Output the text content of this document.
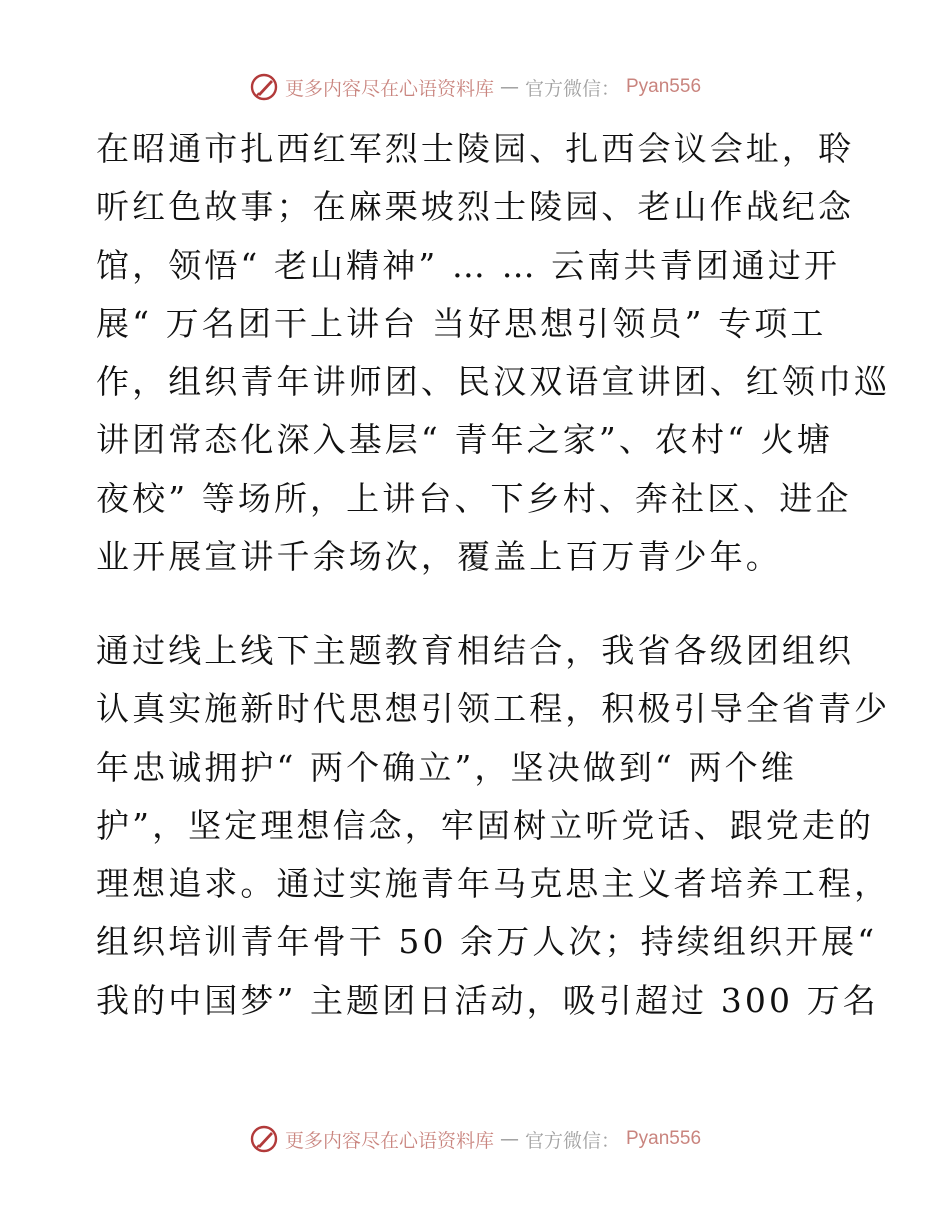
更多内容尽在心语资料库 — 官方微信： Pyan556
在昭通市扎西红军烈士陵园、扎西会议会址，聆
听红色故事；在麻栗坡烈士陵园、老山作战纪念
馆，领悟“ 老山精神” … … 云南共青团通过开
展“ 万名团干上讲台 当好思想引领员” 专项工
作，组织青年讲师团、民汉双语宣讲团、红领巾巡
讲团常态化深入基层“ 青年之家”、农村“ 火塘
夜校” 等场所，上讲台、下乡村、奔社区、进企
业开展宣讲千余场次，覆盖上百万青少年。
通过线上线下主题教育相结合，我省各级团组织
认真实施新时代思想引领工程，积极引导全省青少
年忠诚拥护“ 两个确立”，坚决做到“ 两个维
护”，坚定理想信念，牢固树立听党话、跟党走的
理想追求。通过实施青年马克思主义者培养工程，
组织培训青年骨干 50 余万人次；持续组织开展“
我的中国梦” 主题团日活动，吸引超过 300 万名
更多内容尽在心语资料库 — 官方微信： Pyan556
